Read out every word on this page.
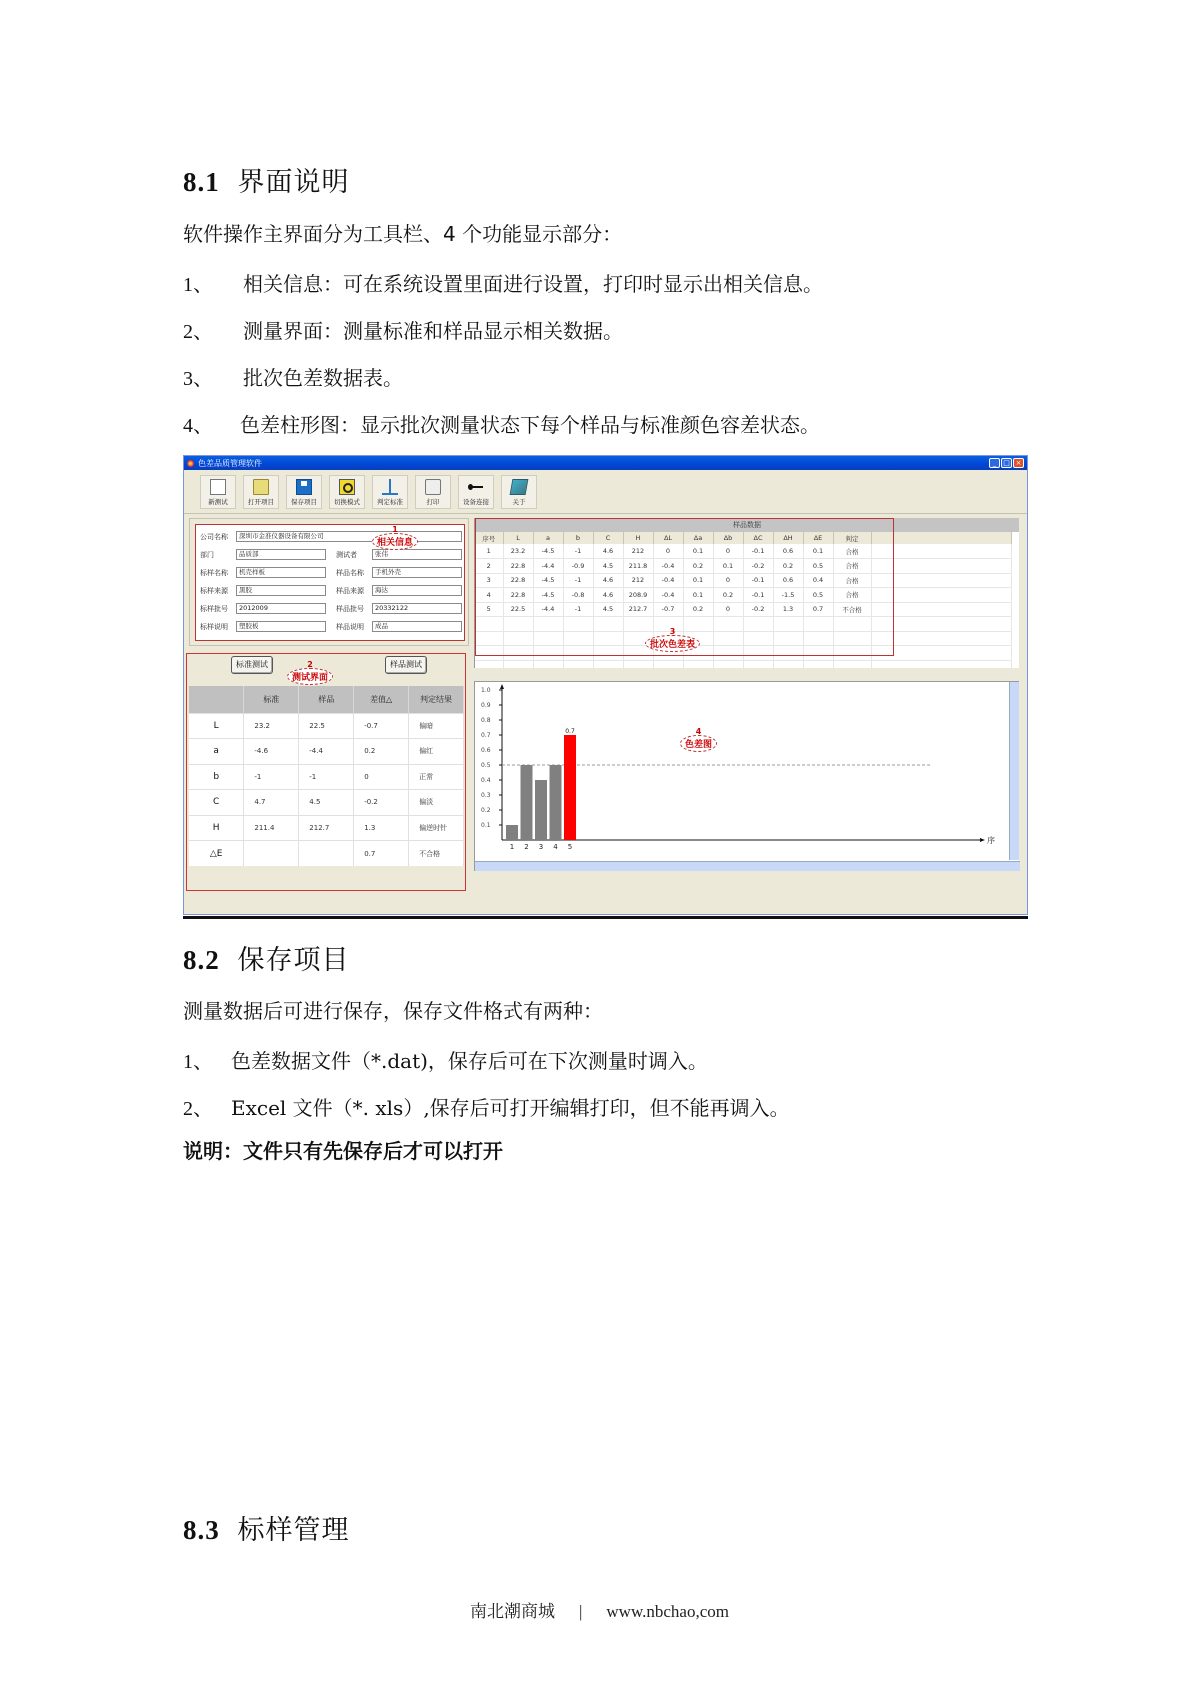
8.1 界面说明
软件操作主界面分为工具栏、4 个功能显示部分：
1、 相关信息：可在系统设置里面进行设置，打印时显示出相关信息。
2、 测量界面：测量标准和样品显示相关数据。
3、 批次色差数据表。
4、 色差柱形图：显示批次测量状态下每个样品与标准颜色容差状态。
色差品质管理软件	_ □ ×
新测试	打开项目	保存项目	切换模式	判定标准	打印	设备连接	关于
公司名称	深圳市金准仪器设备有限公司
部门	品质部	测试者	张伟
标样名称	机壳样板	样品名称	手机外壳
标样来源	黑胶	样品来源	海达
标样批号	2012009	样品批号	20332122
标样说明	塑胶板	样品说明	成品
1
相关信息
标准测试	样品测试
2
测试界面
	标准	样品	差值△	判定结果
L	23.2	22.5	-0.7	偏暗
a	-4.6	-4.4	0.2	偏红
b	-1	-1	0	正常
C	4.7	4.5	-0.2	偏淡
H	211.4	212.7	1.3	偏逆时针
△E			0.7	不合格
样品数据
序号	L	a	b	C	H	ΔL	Δa	Δb	ΔC	ΔH	ΔE	判定	
1	23.2	-4.5	-1	4.6	212	0	0.1	0	-0.1	0.6	0.1	合格	
2	22.8	-4.4	-0.9	4.5	211.8	-0.4	0.2	0.1	-0.2	0.2	0.5	合格	
3	22.8	-4.5	-1	4.6	212	-0.4	0.1	0	-0.1	0.6	0.4	合格	
4	22.8	-4.5	-0.8	4.6	208.9	-0.4	0.1	0.2	-0.1	-1.5	0.5	合格	
5	22.5	-4.4	-1	4.5	212.7	-0.7	0.2	0	-0.2	1.3	0.7	不合格	

3
批次色差表
序
0.1
0.2
0.3
0.4
0.5
0.6
0.7
0.8
0.9
1.0
1 2 3 4 5
0.7	4
色差图
8.2 保存项目
测量数据后可进行保存，保存文件格式有两种：
1、 色差数据文件（*.dat)，保存后可在下次测量时调入。
2、 Excel 文件（*. xls）,保存后可打开编辑打印，但不能再调入。
说明：文件只有先保存后才可以打开
8.3 标样管理
南北潮商城 | www.nbchao,com
